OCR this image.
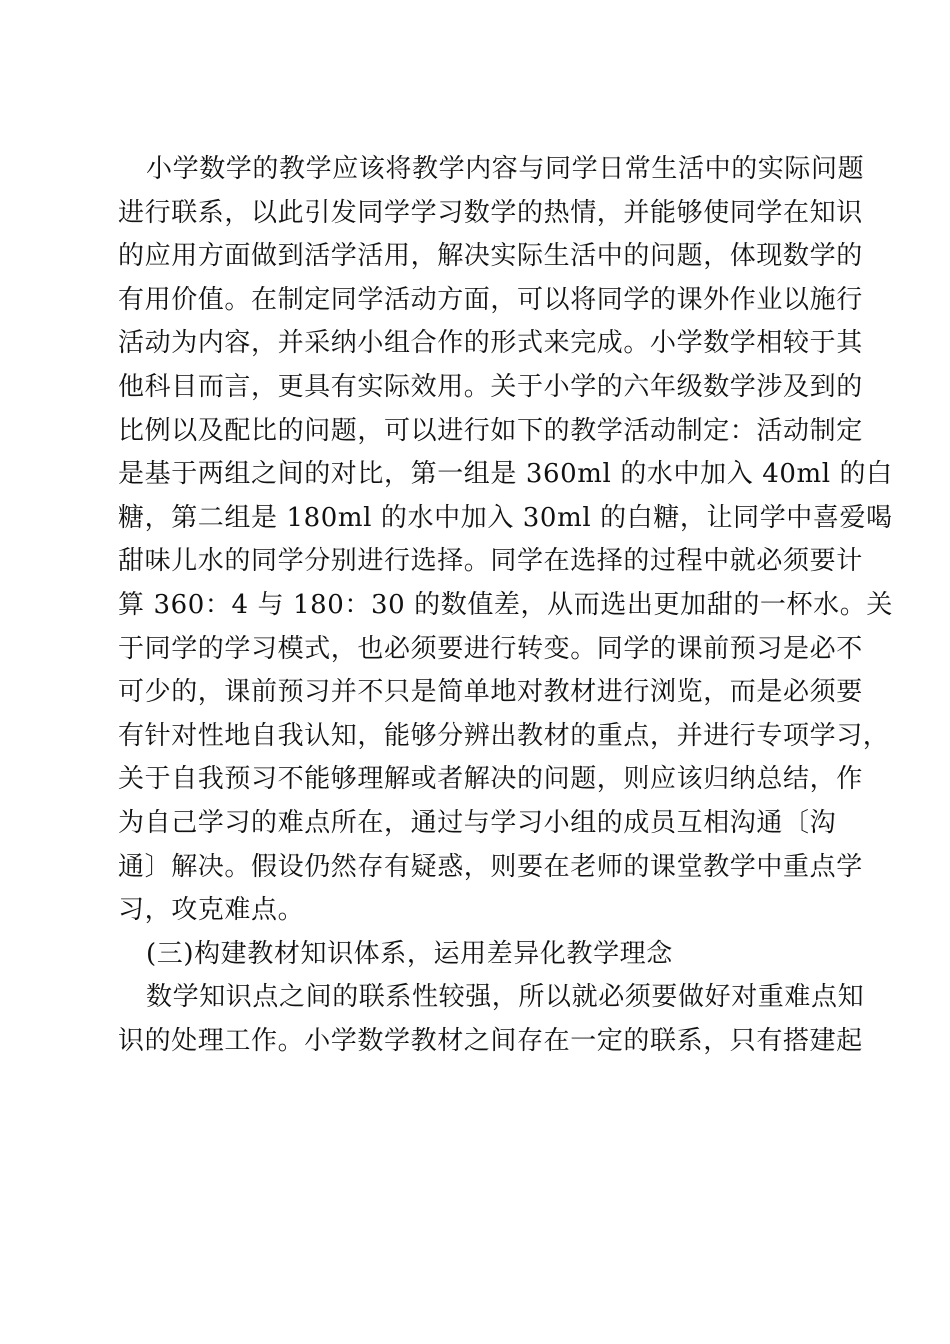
小学数学的教学应该将教学内容与同学日常生活中的实际问题
进行联系，以此引发同学学习数学的热情，并能够使同学在知识
的应用方面做到活学活用，解决实际生活中的问题，体现数学的
有用价值。在制定同学活动方面，可以将同学的课外作业以施行
活动为内容，并采纳小组合作的形式来完成。小学数学相较于其
他科目而言，更具有实际效用。关于小学的六年级数学涉及到的
比例以及配比的问题，可以进行如下的教学活动制定：活动制定
是基于两组之间的对比，第一组是 360ml 的水中加入 40ml 的白
糖，第二组是 180ml 的水中加入 30ml 的白糖，让同学中喜爱喝
甜味儿水的同学分别进行选择。同学在选择的过程中就必须要计
算 360：4 与 180：30 的数值差，从而选出更加甜的一杯水。关
于同学的学习模式，也必须要进行转变。同学的课前预习是必不
可少的，课前预习并不只是简单地对教材进行浏览，而是必须要
有针对性地自我认知，能够分辨出教材的重点，并进行专项学习，
关于自我预习不能够理解或者解决的问题，则应该归纳总结，作
为自己学习的难点所在，通过与学习小组的成员互相沟通〔沟
通〕解决。假设仍然存有疑惑，则要在老师的课堂教学中重点学
习，攻克难点。
(三)构建教材知识体系，运用差异化教学理念
数学知识点之间的联系性较强，所以就必须要做好对重难点知
识的处理工作。小学数学教材之间存在一定的联系，只有搭建起
